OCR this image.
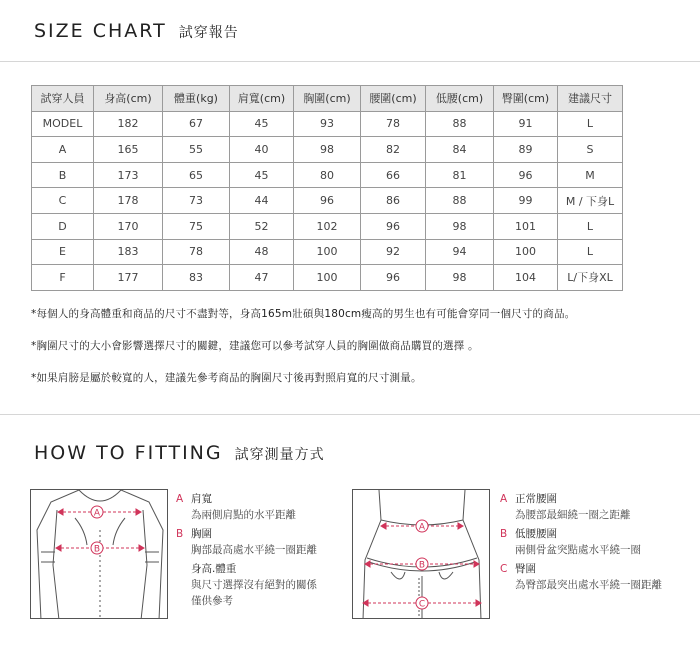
SIZE CHART 試穿報告
試穿人員	身高(cm)	體重(kg)	肩寬(cm)	胸圍(cm)	腰圍(cm)	低腰(cm)	臀圍(cm)	建議尺寸
MODEL	182	67	45	93	78	88	91	L
A	165	55	40	98	82	84	89	S
B	173	65	45	80	66	81	96	M
C	178	73	44	96	86	88	99	M / 下身L
D	170	75	52	102	96	98	101	L
E	183	78	48	100	92	94	100	L
F	177	83	47	100	96	98	104	L/下身XL
*每個人的身高體重和商品的尺寸不盡對等，身高165m壯碩與180cm瘦高的男生也有可能會穿同一個尺寸的商品。
*胸圍尺寸的大小會影響選擇尺寸的關鍵，建議您可以參考試穿人員的胸圍做商品購買的選擇 。
*如果肩膀是屬於較寬的人，建議先參考商品的胸圍尺寸後再對照肩寬的尺寸測量。
HOW TO FITTING 試穿測量方式
A
B
A 肩寬
為兩側肩點的水平距離
B 胸圍
胸部最高處水平繞一圈距離
身高.體重
與尺寸選擇沒有絕對的關係
僅供參考
A
B
C
A 正常腰圍
為腰部最細繞一圈之距離
B 低腰腰圍
兩側骨盆突點處水平繞一圈
C 臀圍
為臀部最突出處水平繞一圈距離
